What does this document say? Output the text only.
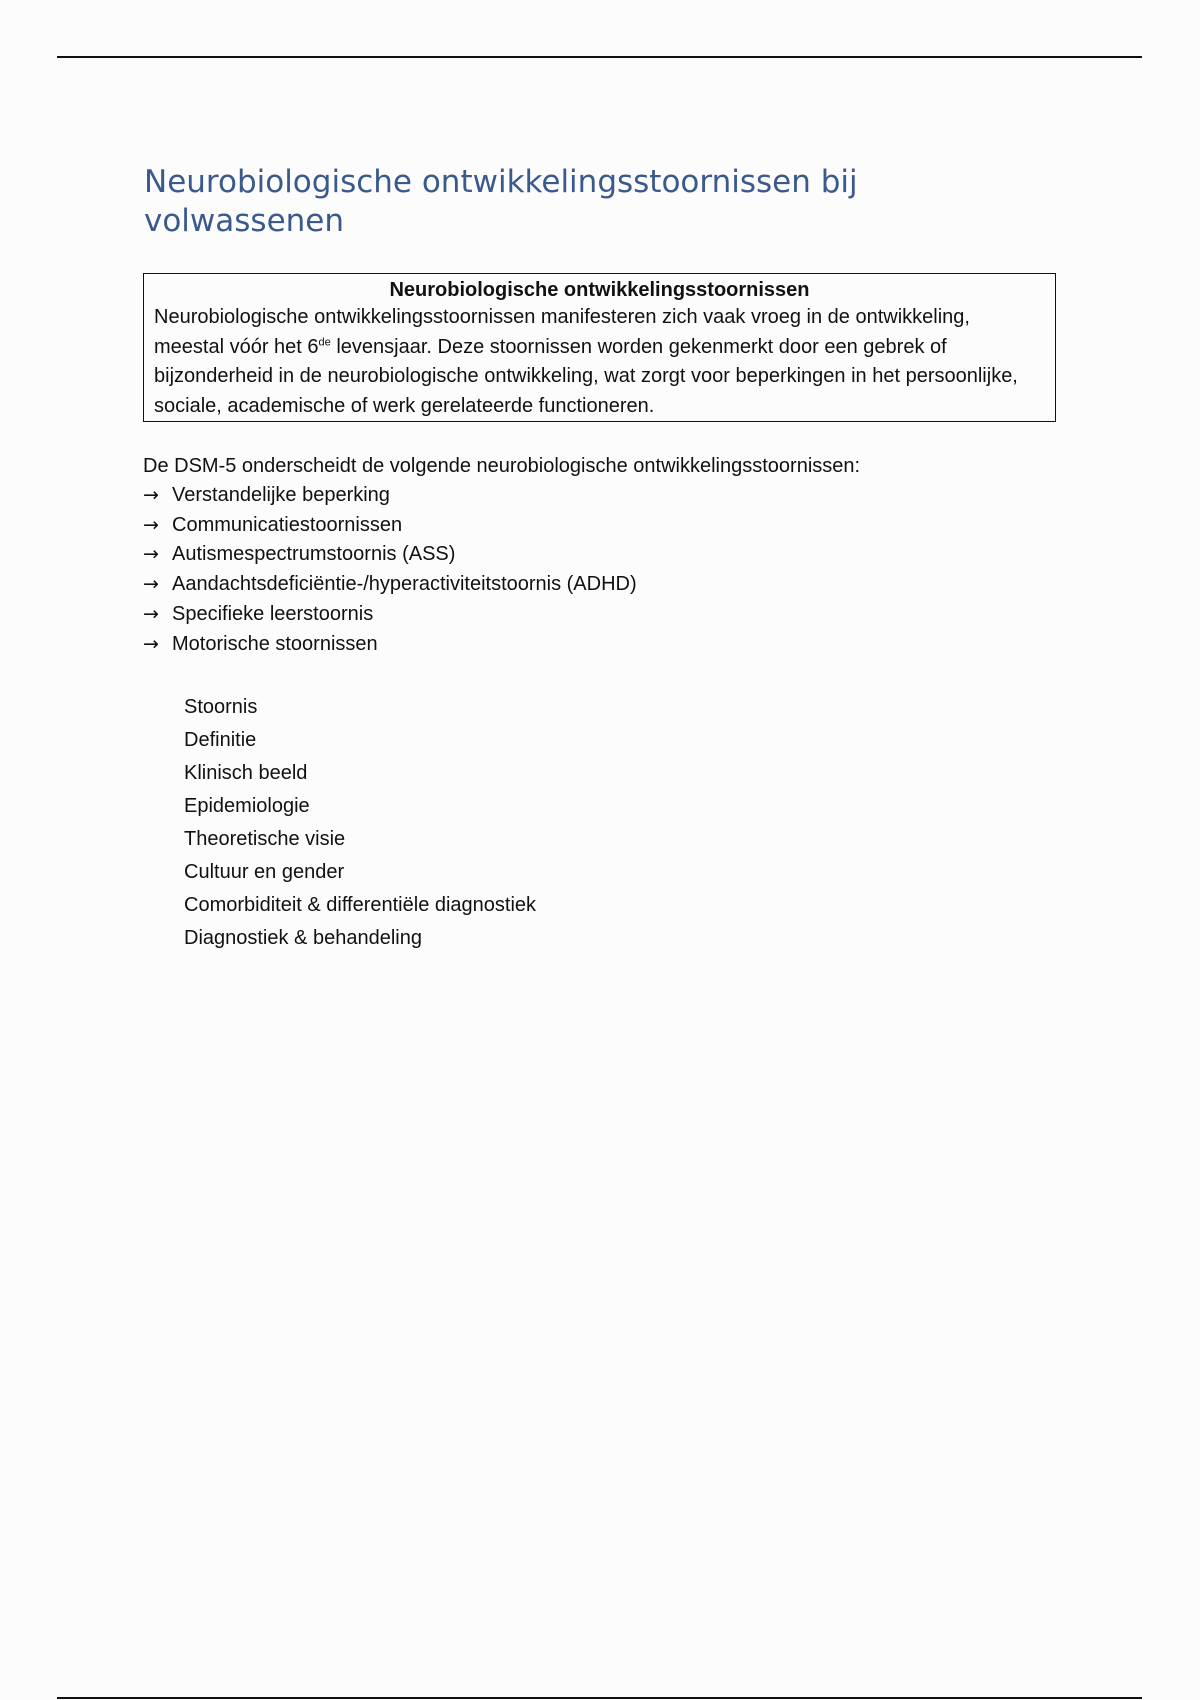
Neurobiologische ontwikkelingsstoornissen bij volwassenen

Neurobiologische ontwikkelingsstoornissen

Neurobiologische ontwikkelingsstoornissen manifesteren zich vaak vroeg in de ontwikkeling, meestal vóór het 6de levensjaar. Deze stoornissen worden gekenmerkt door een gebrek of bijzonderheid in de neurobiologische ontwikkeling, wat zorgt voor beperkingen in het persoonlijke, sociale, academische of werk gerelateerde functioneren.

De DSM-5 onderscheidt de volgende neurobiologische ontwikkelingsstoornissen:

→ Verstandelijke beperking
→ Communicatiestoornissen
→ Autismespectrumstoornis (ASS)
→ Aandachtsdeficiëntie-/hyperactiviteitstoornis (ADHD)
→ Specifieke leerstoornis
→ Motorische stoornissen
Stoornis
Definitie
Klinisch beeld
Epidemiologie
Theoretische visie
Cultuur en gender
Comorbiditeit & differentiële diagnostiek
Diagnostiek & behandeling
